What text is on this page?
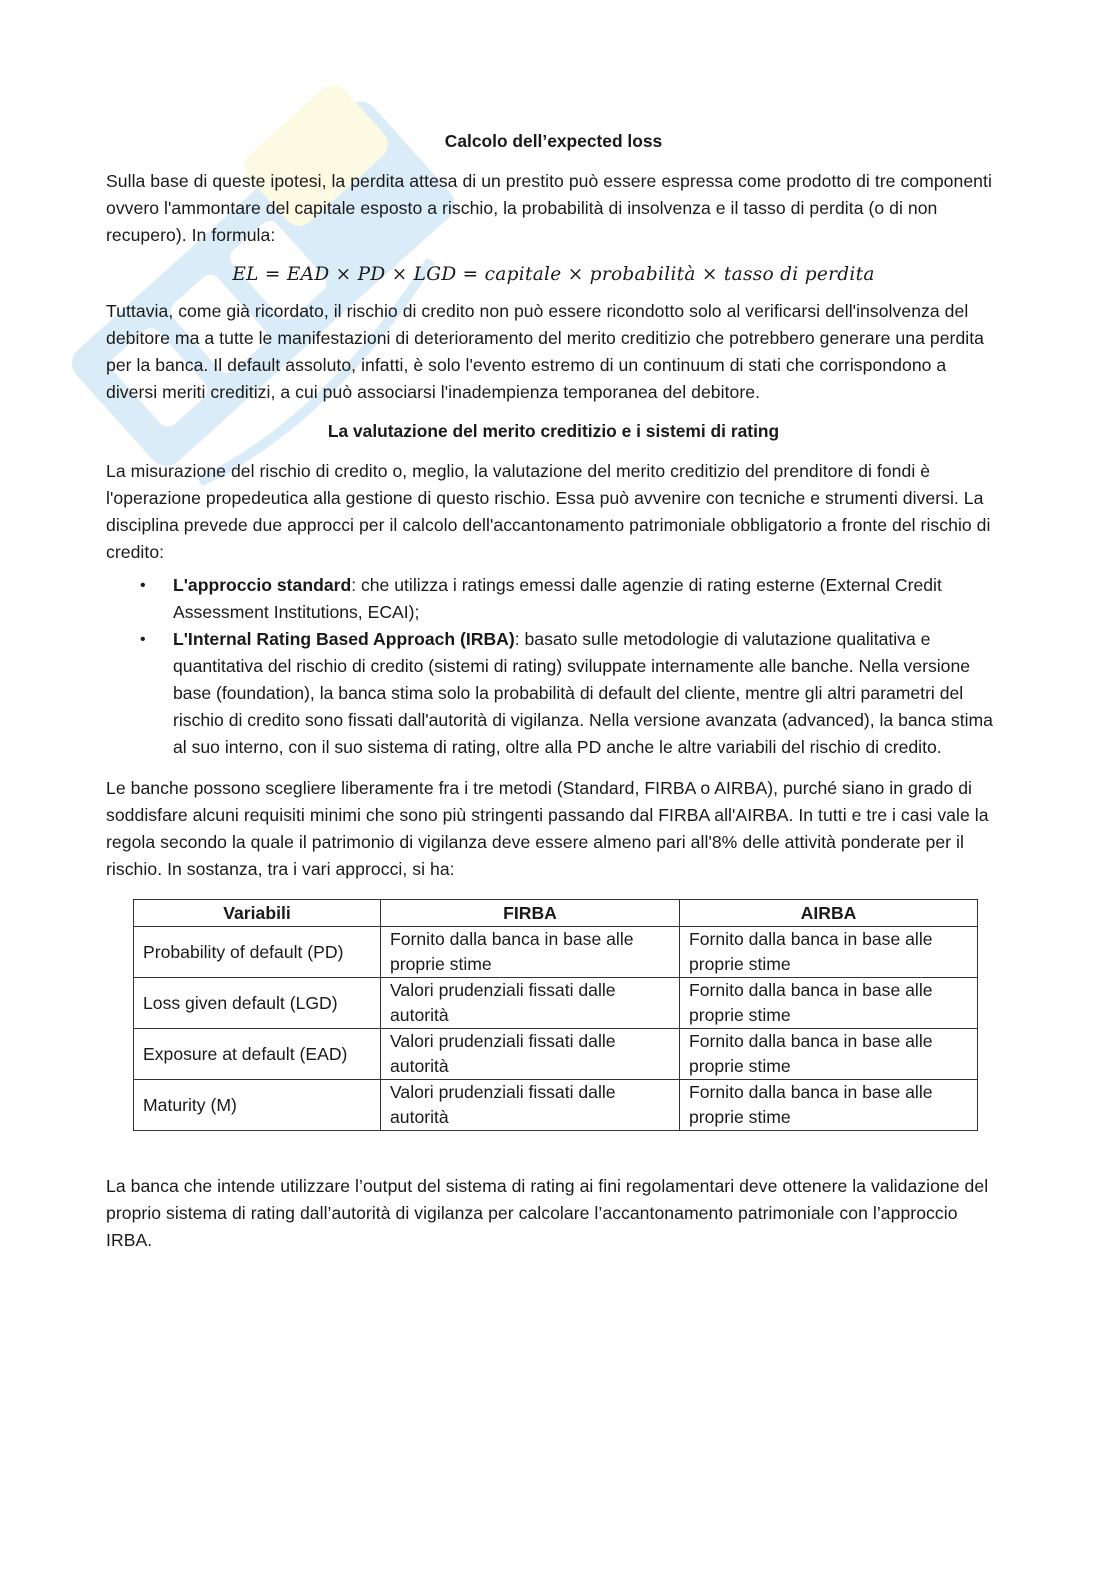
Calcolo dell’expected loss

Sulla base di queste ipotesi, la perdita attesa di un prestito può essere espressa come prodotto di tre componenti ovvero l'ammontare del capitale esposto a rischio, la probabilità di insolvenza e il tasso di perdita (o di non recupero). In formula:

EL = EAD × PD × LGD = capitale × probabilità × tasso di perdita

Tuttavia, come già ricordato, il rischio di credito non può essere ricondotto solo al verificarsi dell'insolvenza del debitore ma a tutte le manifestazioni di deterioramento del merito creditizio che potrebbero generare una perdita per la banca. Il default assoluto, infatti, è solo l'evento estremo di un continuum di stati che corrispondono a diversi meriti creditizi, a cui può associarsi l'inadempienza temporanea del debitore.

La valutazione del merito creditizio e i sistemi di rating

La misurazione del rischio di credito o, meglio, la valutazione del merito creditizio del prenditore di fondi è l'operazione propedeutica alla gestione di questo rischio. Essa può avvenire con tecniche e strumenti diversi. La disciplina prevede due approcci per il calcolo dell'accantonamento patrimoniale obbligatorio a fronte del rischio di credito:

• L'approccio standard: che utilizza i ratings emessi dalle agenzie di rating esterne (External Credit Assessment Institutions, ECAI);
• L'Internal Rating Based Approach (IRBA): basato sulle metodologie di valutazione qualitativa e quantitativa del rischio di credito (sistemi di rating) sviluppate internamente alle banche. Nella versione base (foundation), la banca stima solo la probabilità di default del cliente, mentre gli altri parametri del rischio di credito sono fissati dall'autorità di vigilanza. Nella versione avanzata (advanced), la banca stima al suo interno, con il suo sistema di rating, oltre alla PD anche le altre variabili del rischio di credito.

Le banche possono scegliere liberamente fra i tre metodi (Standard, FIRBA o AIRBA), purché siano in grado di soddisfare alcuni requisiti minimi che sono più stringenti passando dal FIRBA all'AIRBA. In tutti e tre i casi vale la regola secondo la quale il patrimonio di vigilanza deve essere almeno pari all'8% delle attività ponderate per il rischio. In sostanza, tra i vari approcci, si ha:

Variabili	FIRBA	AIRBA
Probability of default (PD)	Fornito dalla banca in base alle proprie stime	Fornito dalla banca in base alle proprie stime
Loss given default (LGD)	Valori prudenziali fissati dalle autorità	Fornito dalla banca in base alle proprie stime
Exposure at default (EAD)	Valori prudenziali fissati dalle autorità	Fornito dalla banca in base alle proprie stime
Maturity (M)	Valori prudenziali fissati dalle autorità	Fornito dalla banca in base alle proprie stime

La banca che intende utilizzare l’output del sistema di rating ai fini regolamentari deve ottenere la validazione del proprio sistema di rating dall’autorità di vigilanza per calcolare l’accantonamento patrimoniale con l’approccio IRBA.
